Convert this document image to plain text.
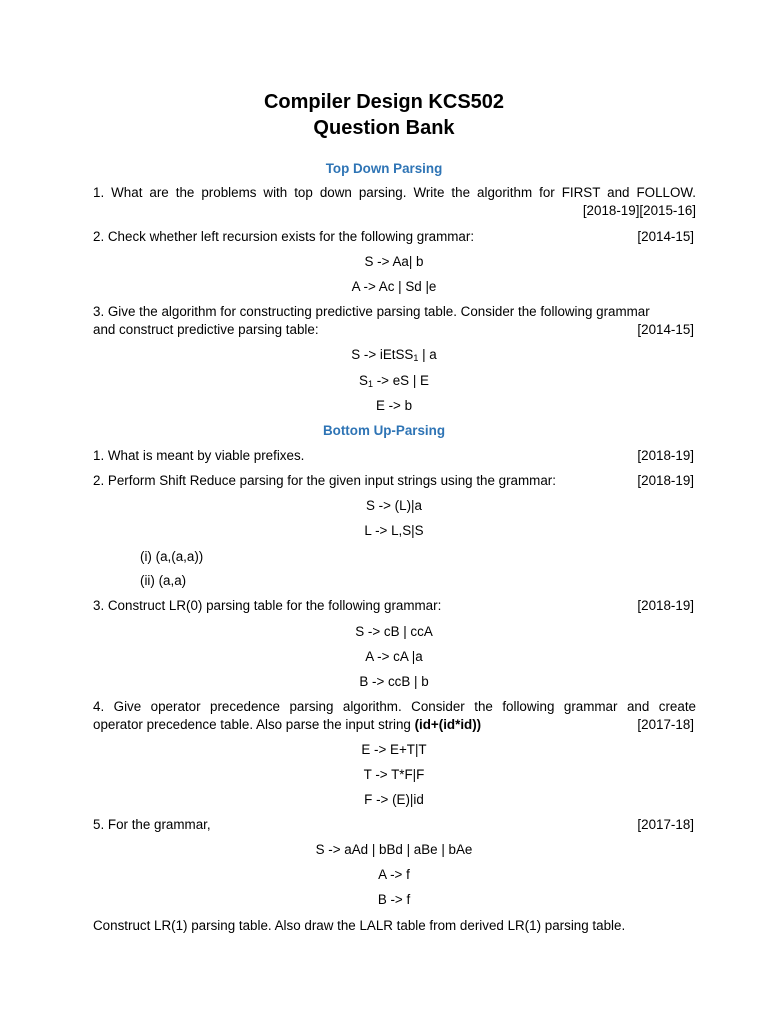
Compiler Design KCS502
Question Bank
Top Down Parsing
1. What are the problems with top down parsing. Write the algorithm for FIRST and FOLLOW.
[2018-19][2015-16]
2. Check whether left recursion exists for the following grammar:	[2014-15]
S -> Aa| b
A -> Ac | Sd |e
3. Give the algorithm for constructing predictive parsing table. Consider the following grammar
and construct predictive parsing table:	[2014-15]
S -> iEtSS$_1$ | a
$S_1$ -> eS | E
E -> b
Bottom Up-Parsing
1. What is meant by viable prefixes.	[2018-19]
2. Perform Shift Reduce parsing for the given input strings using the grammar:	[2018-19]
S -> (L)|a
L -> L,S|S
(i) (a,(a,a))
(ii) (a,a)
3. Construct LR(0) parsing table for the following grammar:	[2018-19]
S -> cB | ccA
A -> cA |a
B -> ccB | b
4. Give operator precedence parsing algorithm. Consider the following grammar and create
operator precedence table. Also parse the input string (id+(id*id))	[2017-18]
E -> E+T|T
T -> T*F|F
F -> (E)|id
5. For the grammar,	[2017-18]
S -> aAd | bBd | aBe | bAe
A -> f
B -> f
Construct LR(1) parsing table. Also draw the LALR table from derived LR(1) parsing table.
